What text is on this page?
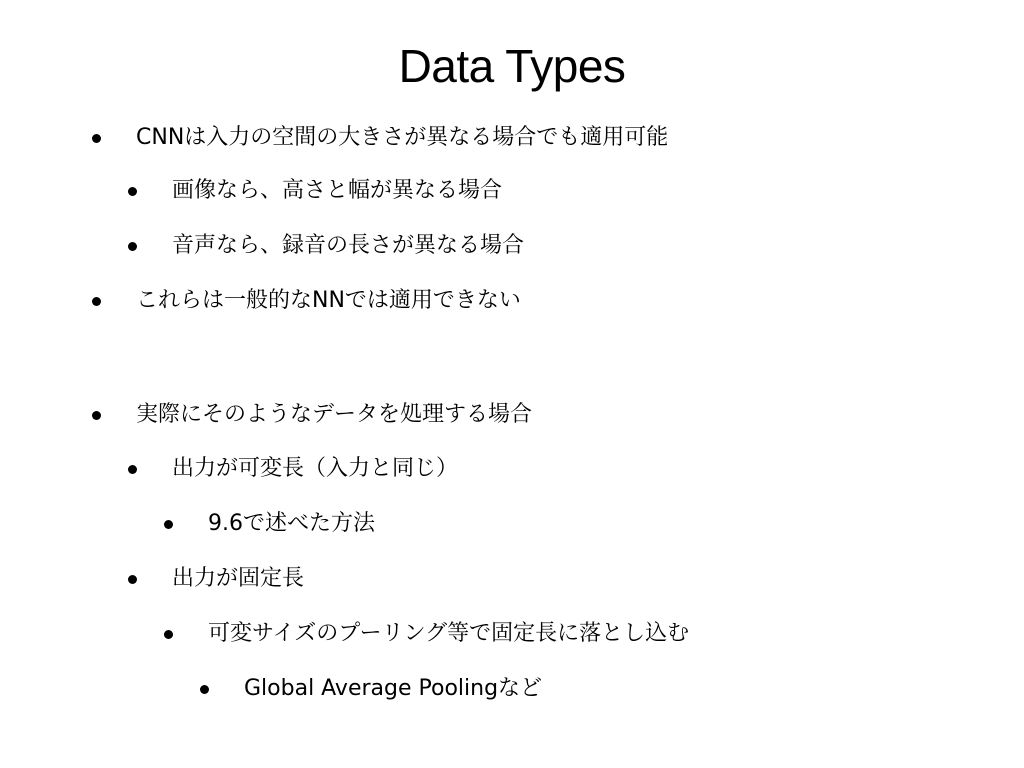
Data Types
CNNは入力の空間の大きさが異なる場合でも適用可能
画像なら、高さと幅が異なる場合
音声なら、録音の長さが異なる場合
これらは一般的なNNでは適用できない
実際にそのようなデータを処理する場合
出力が可変長（入力と同じ）
9.6で述べた方法
出力が固定長
可変サイズのプーリング等で固定長に落とし込む
Global Average Poolingなど
